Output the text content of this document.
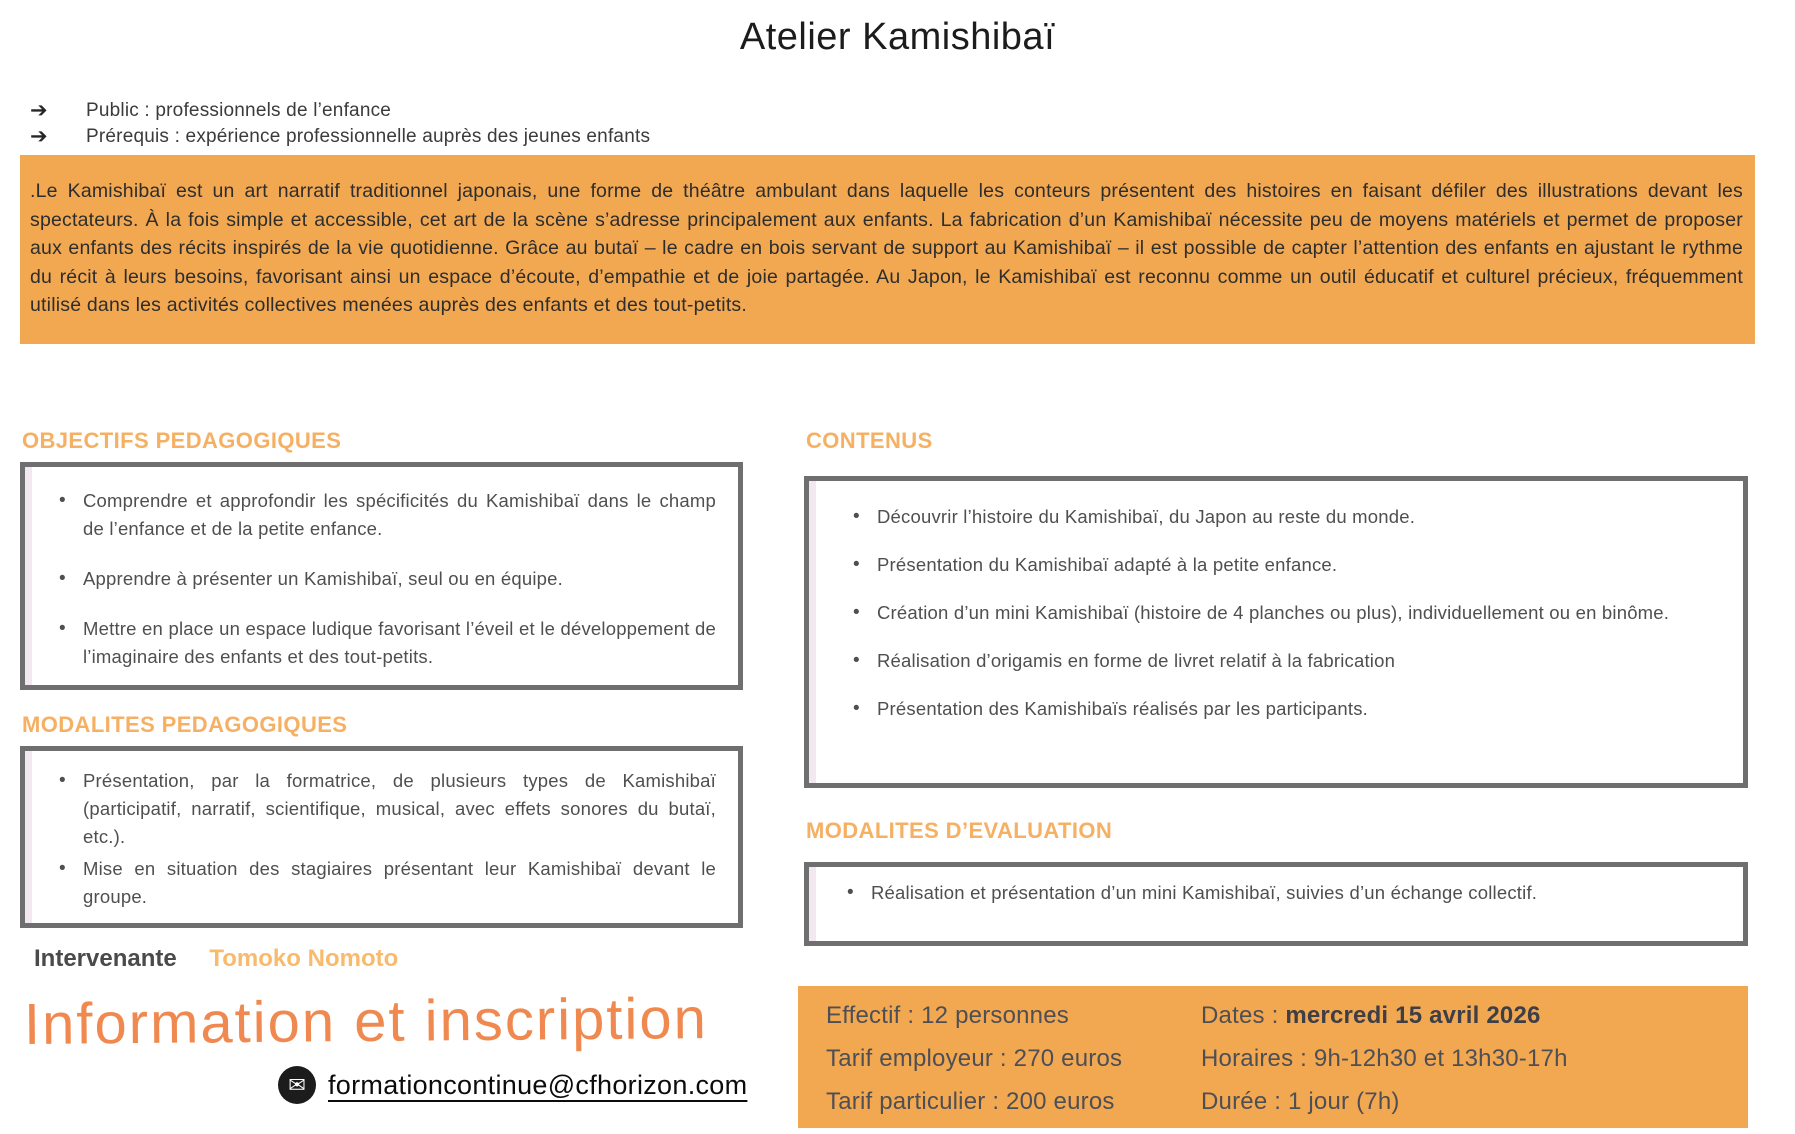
Atelier Kamishibaï
➔	Public : professionnels de l’enfance
➔	Prérequis : expérience professionnelle auprès des jeunes enfants

.Le Kamishibaï est un art narratif traditionnel japonais, une forme de théâtre ambulant dans laquelle les conteurs présentent des histoires en faisant défiler des illustrations devant les spectateurs. À la fois simple et accessible, cet art de la scène s’adresse principalement aux enfants. La fabrication d’un Kamishibaï nécessite peu de moyens matériels et permet de proposer aux enfants des récits inspirés de la vie quotidienne. Grâce au butaï – le cadre en bois servant de support au Kamishibaï – il est possible de capter l’attention des enfants en ajustant le rythme du récit à leurs besoins, favorisant ainsi un espace d’écoute, d’empathie et de joie partagée. Au Japon, le Kamishibaï est reconnu comme un outil éducatif et culturel précieux, fréquemment utilisé dans les activités collectives menées auprès des enfants et des tout-petits.

OBJECTIFS PEDAGOGIQUES
• Comprendre et approfondir les spécificités du Kamishibaï dans le champ de l’enfance et de la petite enfance.
• Apprendre à présenter un Kamishibaï, seul ou en équipe.
• Mettre en place un espace ludique favorisant l’éveil et le développement de l’imaginaire des enfants et des tout-petits.
MODALITES PEDAGOGIQUES
• Présentation, par la formatrice, de plusieurs types de Kamishibaï (participatif, narratif, scientifique, musical, avec effets sonores du butaï, etc.).
• Mise en situation des stagiaires présentant leur Kamishibaï devant le groupe.
CONTENUS
• Découvrir l’histoire du Kamishibaï, du Japon au reste du monde.
• Présentation du Kamishibaï adapté à la petite enfance.
• Création d’un mini Kamishibaï (histoire de 4 planches ou plus), individuellement ou en binôme.
• Réalisation d’origamis en forme de livret relatif à la fabrication
• Présentation des Kamishibaïs réalisés par les participants.
MODALITES D’EVALUATION
• Réalisation et présentation d’un mini Kamishibaï, suivies d’un échange collectif.
Intervenante Tomoko Nomoto
Information et inscription
✉ formationcontinue@cfhorizon.com
Effectif : 12 personnes
Tarif employeur : 270 euros
Tarif particulier : 200 euros
Dates : mercredi 15 avril 2026
Horaires : 9h-12h30 et 13h30-17h
Durée : 1 jour (7h)
